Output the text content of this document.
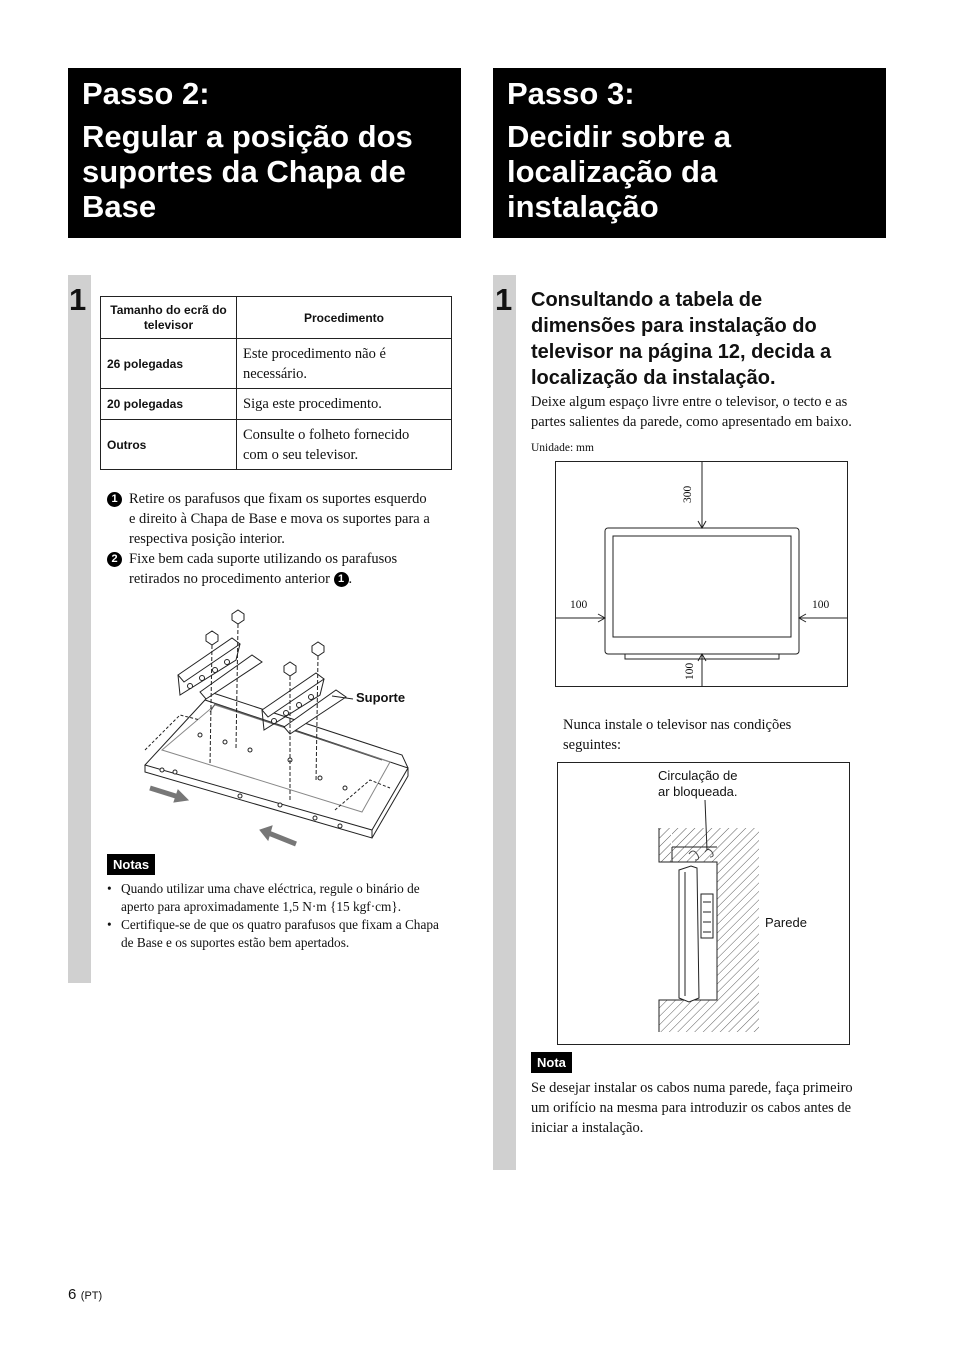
Passo 2:
Regular a posição dos
suportes da Chapa de
Base
Passo 3:
Decidir sobre a
localização da
instalação
1 Tamanho do ecrã do
televisor	Procedimento
26 polegadas	Este procedimento não é
necessário.

20 polegadas	Siga este procedimento.
Outros	Consulte o folheto fornecido
com o seu televisor.
1 Retire os parafusos que fixam os suportes esquerdo
e direito à Chapa de Base e mova os suportes para a
respectiva posição interior.
2 Fixe bem cada suporte utilizando os parafusos
retirados no procedimento anterior 1 .
Suporte
Notas
• Quando utilizar uma chave eléctrica, regule o binário de
aperto para aproximadamente 1,5 N·m {15 kgf·cm}.
• Certifique-se de que os quatro parafusos que fixam a Chapa
de Base e os suportes estão bem apertados.
1 Consultando a tabela de
dimensões para instalação do
televisor na página 12, decida a
localização da instalação.
Deixe algum espaço livre entre o televisor, o tecto e as
partes salientes da parede, como apresentado em baixo.
Unidade: mm
300
100	100
100
Nunca instale o televisor nas condições
seguintes:
Circulação de
ar bloqueada.
Parede
Nota
Se desejar instalar os cabos numa parede, faça primeiro
um orifício na mesma para introduzir os cabos antes de
iniciar a instalação.
6 (PT)
